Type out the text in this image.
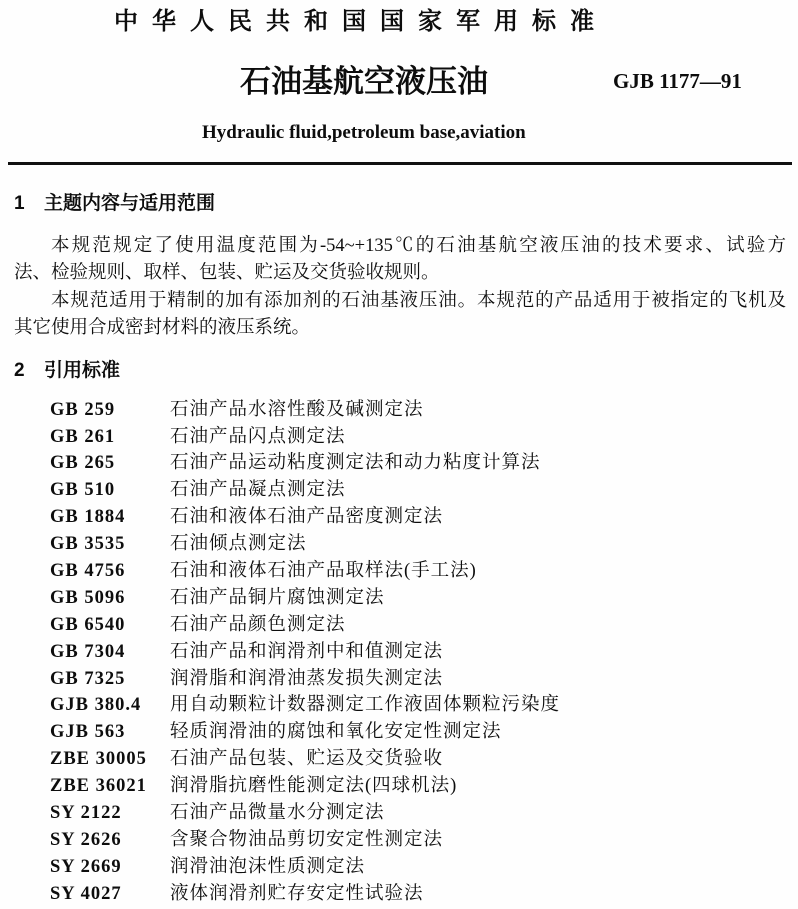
中华人民共和国国家军用标准
石油基航空液压油	GJB 1177—91
Hydraulic fluid,petroleum base,aviation
1 主题内容与适用范围
本规范规定了使用温度范围为-54~+135℃的石油基航空液压油的技术要求、试验方
法、检验规则、取样、包装、贮运及交货验收规则。
本规范适用于精制的加有添加剂的石油基液压油。本规范的产品适用于被指定的飞机及
其它使用合成密封材料的液压系统。
2 引用标准
GB 259	石油产品水溶性酸及碱测定法
GB 261	石油产品闪点测定法
GB 265	石油产品运动粘度测定法和动力粘度计算法
GB 510	石油产品凝点测定法
GB 1884	石油和液体石油产品密度测定法
GB 3535	石油倾点测定法
GB 4756	石油和液体石油产品取样法(手工法)
GB 5096	石油产品铜片腐蚀测定法
GB 6540	石油产品颜色测定法
GB 7304	石油产品和润滑剂中和值测定法
GB 7325	润滑脂和润滑油蒸发损失测定法
GJB 380.4	用自动颗粒计数器测定工作液固体颗粒污染度
GJB 563	轻质润滑油的腐蚀和氧化安定性测定法
ZBE 30005	石油产品包装、贮运及交货验收
ZBE 36021	润滑脂抗磨性能测定法(四球机法)
SY 2122	石油产品微量水分测定法
SY 2626	含聚合物油品剪切安定性测定法
SY 2669	润滑油泡沫性质测定法
SY 4027	液体润滑剂贮存安定性试验法
